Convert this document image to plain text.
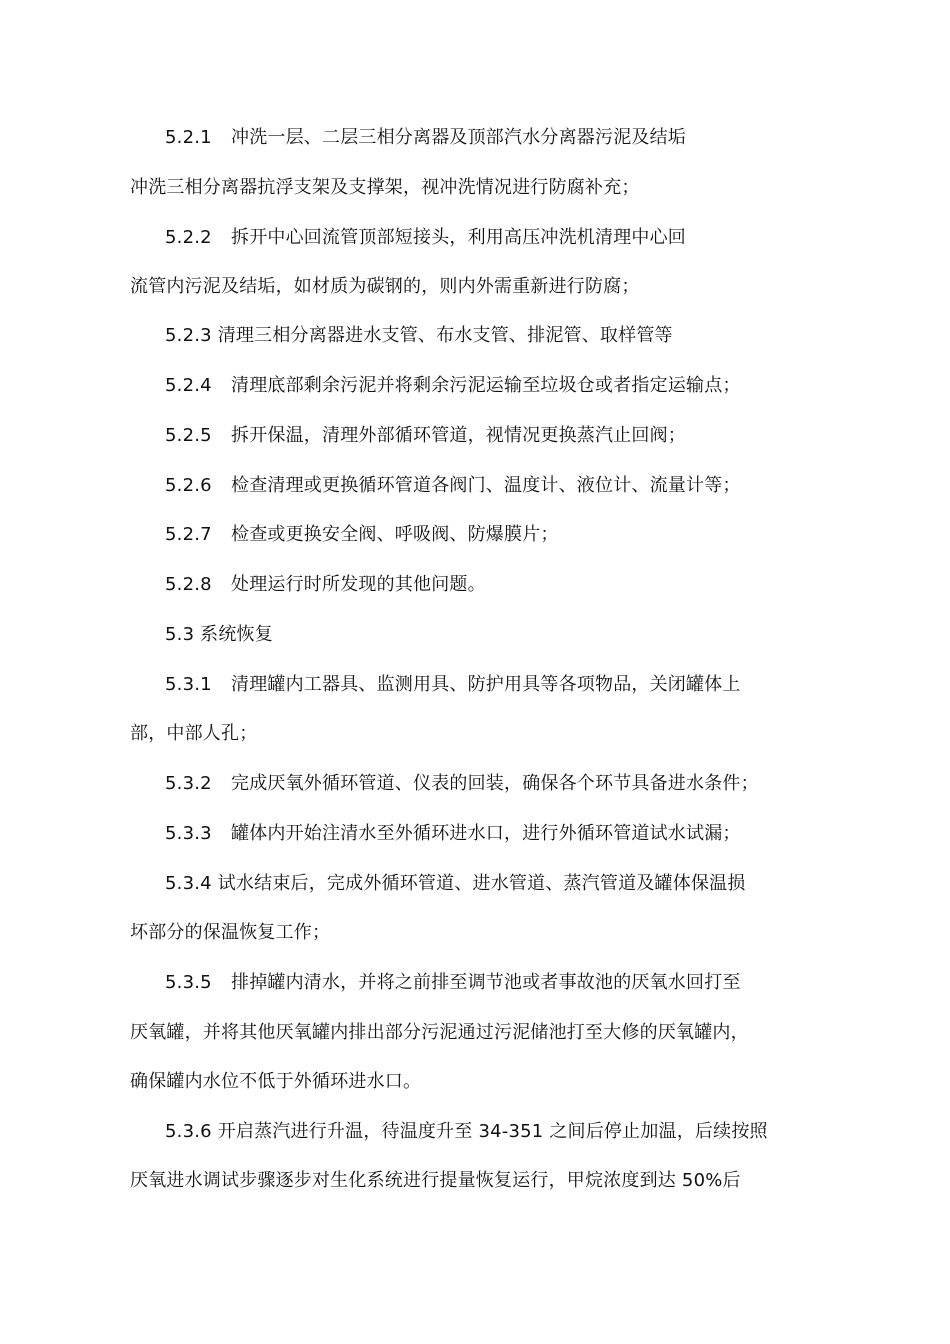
5.2.1 冲洗一层、二层三相分离器及顶部汽水分离器污泥及结垢
冲洗三相分离器抗浮支架及支撑架，视冲洗情况进行防腐补充；
5.2.2 拆开中心回流管顶部短接头，利用高压冲洗机清理中心回
流管内污泥及结垢，如材质为碳钢的，则内外需重新进行防腐；
5.2.3 清理三相分离器进水支管、布水支管、排泥管、取样管等
5.2.4 清理底部剩余污泥并将剩余污泥运输至垃圾仓或者指定运输点；
5.2.5 拆开保温，清理外部循环管道，视情况更换蒸汽止回阀；
5.2.6 检查清理或更换循环管道各阀门、温度计、液位计、流量计等；
5.2.7 检查或更换安全阀、呼吸阀、防爆膜片；
5.2.8 处理运行时所发现的其他问题。
5.3 系统恢复
5.3.1 清理罐内工器具、监测用具、防护用具等各项物品，关闭罐体上
部，中部人孔；
5.3.2 完成厌氧外循环管道、仪表的回装，确保各个环节具备进水条件；
5.3.3 罐体内开始注清水至外循环进水口，进行外循环管道试水试漏；
5.3.4 试水结束后，完成外循环管道、进水管道、蒸汽管道及罐体保温损
坏部分的保温恢复工作；
5.3.5 排掉罐内清水，并将之前排至调节池或者事故池的厌氧水回打至
厌氧罐，并将其他厌氧罐内排出部分污泥通过污泥储池打至大修的厌氧罐内，
确保罐内水位不低于外循环进水口。
5.3.6 开启蒸汽进行升温，待温度升至 34-351 之间后停止加温，后续按照
厌氧进水调试步骤逐步对生化系统进行提量恢复运行，甲烷浓度到达 50%后
